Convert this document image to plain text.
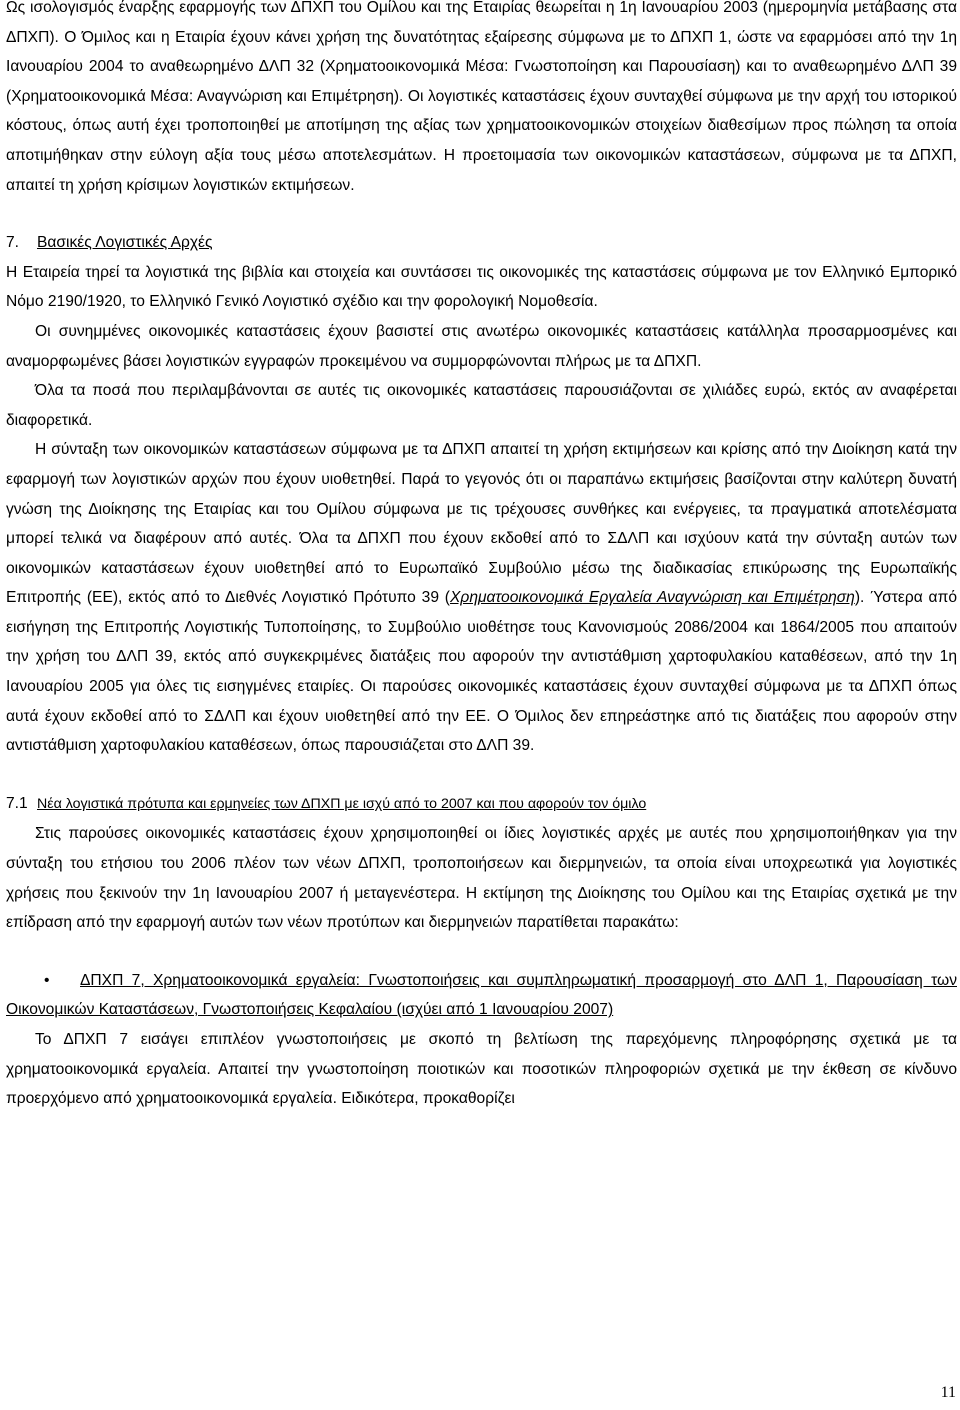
Ως ισολογισμός έναρξης εφαρμογής των ΔΠΧΠ του Ομίλου και της Εταιρίας θεωρείται η 1η Ιανουαρίου 2003 (ημερομηνία μετάβασης στα ΔΠΧΠ). Ο Όμιλος και η Εταιρία έχουν κάνει χρήση της δυνατότητας εξαίρεσης σύμφωνα με το ΔΠΧΠ 1, ώστε να εφαρμόσει από την 1η Ιανουαρίου 2004 το αναθεωρημένο ΔΛΠ 32 (Χρηματοοικονομικά Μέσα: Γνωστοποίηση και Παρουσίαση) και το αναθεωρημένο ΔΛΠ 39 (Χρηματοοικονομικά Μέσα: Αναγνώριση και Επιμέτρηση). Οι λογιστικές καταστάσεις έχουν συνταχθεί σύμφωνα με την αρχή του ιστορικού κόστους, όπως αυτή έχει τροποποιηθεί με αποτίμηση της αξίας των χρηματοοικονομικών στοιχείων διαθεσίμων προς πώληση τα οποία αποτιμήθηκαν στην εύλογη αξία τους μέσω αποτελεσμάτων. Η προετοιμασία των οικονομικών καταστάσεων, σύμφωνα με τα ΔΠΧΠ, απαιτεί τη χρήση κρίσιμων λογιστικών εκτιμήσεων.

7. Βασικές Λογιστικές Αρχές

Η Εταιρεία τηρεί τα λογιστικά της βιβλία και στοιχεία και συντάσσει τις οικονομικές της καταστάσεις σύμφωνα με τον Ελληνικό Εμπορικό Νόμο 2190/1920, το Ελληνικό Γενικό Λογιστικό σχέδιο και την φορολογική Νομοθεσία.

Οι συνημμένες οικονομικές καταστάσεις έχουν βασιστεί στις ανωτέρω οικονομικές καταστάσεις κατάλληλα προσαρμοσμένες και αναμορφωμένες βάσει λογιστικών εγγραφών προκειμένου να συμμορφώνονται πλήρως με τα ΔΠΧΠ.

Όλα τα ποσά που περιλαμβάνονται σε αυτές τις οικονομικές καταστάσεις παρουσιάζονται σε χιλιάδες ευρώ, εκτός αν αναφέρεται διαφορετικά.

Η σύνταξη των οικονομικών καταστάσεων σύμφωνα με τα ΔΠΧΠ απαιτεί τη χρήση εκτιμήσεων και κρίσης από την Διοίκηση κατά την εφαρμογή των λογιστικών αρχών που έχουν υιοθετηθεί. Παρά το γεγονός ότι οι παραπάνω εκτιμήσεις βασίζονται στην καλύτερη δυνατή γνώση της Διοίκησης της Εταιρίας και του Ομίλου σύμφωνα με τις τρέχουσες συνθήκες και ενέργειες, τα πραγματικά αποτελέσματα μπορεί τελικά να διαφέρουν από αυτές. Όλα τα ΔΠΧΠ που έχουν εκδοθεί από το ΣΔΛΠ και ισχύουν κατά την σύνταξη αυτών των οικονομικών καταστάσεων έχουν υιοθετηθεί από το Ευρωπαϊκό Συμβούλιο μέσω της διαδικασίας επικύρωσης της Ευρωπαϊκής Επιτροπής (ΕΕ), εκτός από το Διεθνές Λογιστικό Πρότυπο 39 (Χρηματοοικονομικά Εργαλεία Αναγνώριση και Επιμέτρηση). Ύστερα από εισήγηση της Επιτροπής Λογιστικής Τυποποίησης, το Συμβούλιο υιοθέτησε τους Κανονισμούς 2086/2004 και 1864/2005 που απαιτούν την χρήση του ΔΛΠ 39, εκτός από συγκεκριμένες διατάξεις που αφορούν την αντιστάθμιση χαρτοφυλακίου καταθέσεων, από την 1η Ιανουαρίου 2005 για όλες τις εισηγμένες εταιρίες. Οι παρούσες οικονομικές καταστάσεις έχουν συνταχθεί σύμφωνα με τα ΔΠΧΠ όπως αυτά έχουν εκδοθεί από το ΣΔΛΠ και έχουν υιοθετηθεί από την ΕΕ. Ο Όμιλος δεν επηρεάστηκε από τις διατάξεις που αφορούν στην αντιστάθμιση χαρτοφυλακίου καταθέσεων, όπως παρουσιάζεται στο ΔΛΠ 39.

7.1 Νέα λογιστικά πρότυπα και ερμηνείες των ΔΠΧΠ με ισχύ από το 2007 και που αφορούν τον όμιλο

Στις παρούσες οικονομικές καταστάσεις έχουν χρησιμοποιηθεί οι ίδιες λογιστικές αρχές με αυτές που χρησιμοποιήθηκαν για την σύνταξη του ετήσιου του 2006 πλέον των νέων ΔΠΧΠ, τροποποιήσεων και διερμηνειών, τα οποία είναι υποχρεωτικά για λογιστικές χρήσεις που ξεκινούν την 1η Ιανουαρίου 2007 ή μεταγενέστερα. Η εκτίμηση της Διοίκησης του Ομίλου και της Εταιρίας σχετικά με την επίδραση από την εφαρμογή αυτών των νέων προτύπων και διερμηνειών παρατίθεται παρακάτω:

• ΔΠΧΠ 7, Χρηματοοικονομικά εργαλεία: Γνωστοποιήσεις και συμπληρωματική προσαρμογή στο ΔΛΠ 1, Παρουσίαση των Οικονομικών Καταστάσεων, Γνωστοποιήσεις Κεφαλαίου (ισχύει από 1 Ιανουαρίου 2007)

Το ΔΠΧΠ 7 εισάγει επιπλέον γνωστοποιήσεις με σκοπό τη βελτίωση της παρεχόμενης πληροφόρησης σχετικά με τα χρηματοοικονομικά εργαλεία. Απαιτεί την γνωστοποίηση ποιοτικών και ποσοτικών πληροφοριών σχετικά με την έκθεση σε κίνδυνο προερχόμενο από χρηματοοικονομικά εργαλεία. Ειδικότερα, προκαθορίζει

11
